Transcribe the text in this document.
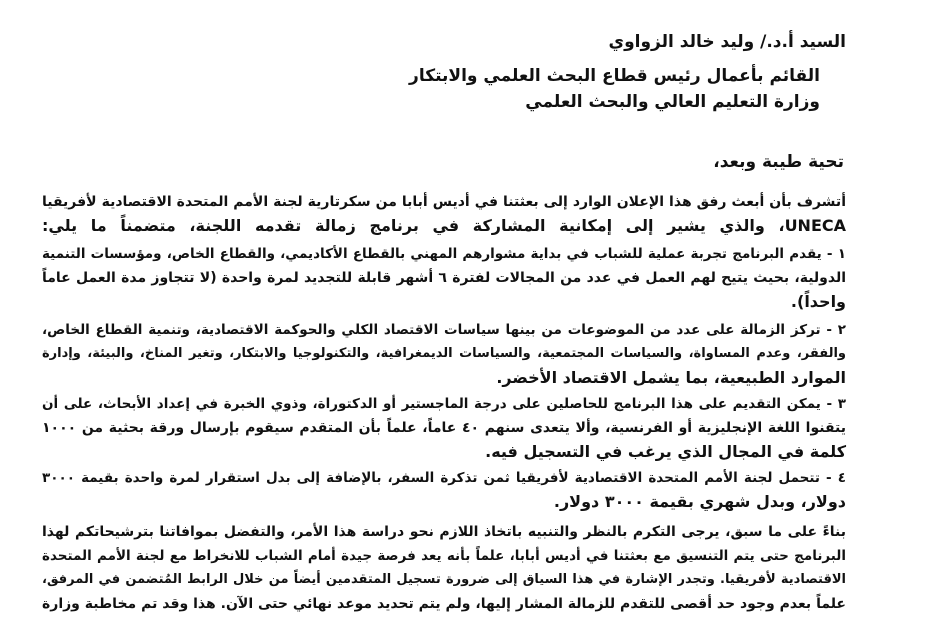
السيد أ.د./ وليد خالد الزواوي
القائم بأعمال رئيس قطاع البحث العلمي والابتكار
وزارة التعليم العالي والبحث العلمي
تحية طيبة وبعد،
أتشرف بأن أبعث رفق هذا الإعلان الوارد إلى بعثتنا في أديس أبابا من سكرتارية لجنة الأمم المتحدة الاقتصادية لأفريقيا
UNECA، والذي يشير إلى إمكانية المشاركة في برنامج زمالة تقدمه اللجنة، متضمناً ما يلي:
١ - يقدم البرنامج تجربة عملية للشباب في بداية مشوارهم المهني بالقطاع الأكاديمي، والقطاع الخاص، ومؤسسات التنمية
الدولية، بحيث يتيح لهم العمل في عدد من المجالات لفترة ٦ أشهر قابلة للتجديد لمرة واحدة (لا تتجاوز مدة العمل عاماً
واحداً).
٢ - تركز الزمالة على عدد من الموضوعات من بينها سياسات الاقتصاد الكلي والحوكمة الاقتصادية، وتنمية القطاع الخاص،
والفقر، وعدم المساواة، والسياسات المجتمعية، والسياسات الديمغرافية، والتكنولوجيا والابتكار، وتغير المناخ، والبيئة، وإدارة
الموارد الطبيعية، بما يشمل الاقتصاد الأخضر.
٣ - يمكن التقديم على هذا البرنامج للحاصلين على درجة الماجستير أو الدكتوراة، وذوي الخبرة في إعداد الأبحاث، على أن
يتقنوا اللغة الإنجليزية أو الفرنسية، وألا يتعدى سنهم ٤٠ عاماً، علماً بأن المتقدم سيقوم بإرسال ورقة بحثية من ١٠٠٠
كلمة في المجال الذي يرغب في التسجيل فيه.
٤ - تتحمل لجنة الأمم المتحدة الاقتصادية لأفريقيا ثمن تذكرة السفر، بالإضافة إلى بدل استقرار لمرة واحدة بقيمة ٣٠٠٠
دولار، وبدل شهري بقيمة ٣٠٠٠ دولار.
بناءً على ما سبق، يرجى التكرم بالنظر والتنبيه باتخاذ اللازم نحو دراسة هذا الأمر، والتفضل بموافاتنا بترشيحاتكم لهذا
البرنامج حتى يتم التنسيق مع بعثتنا في أديس أبابا، علماً بأنه يعد فرصة جيدة أمام الشباب للانخراط مع لجنة الأمم المتحدة
الاقتصادية لأفريقيا. وتجدر الإشارة في هذا السياق إلى ضرورة تسجيل المتقدمين أيضاً من خلال الرابط المُتضمن في المرفق،
علماً بعدم وجود حد أقصى للتقدم للزمالة المشار إليها، ولم يتم تحديد موعد نهائي حتى الآن. هذا وقد تم مخاطبة وزارة
